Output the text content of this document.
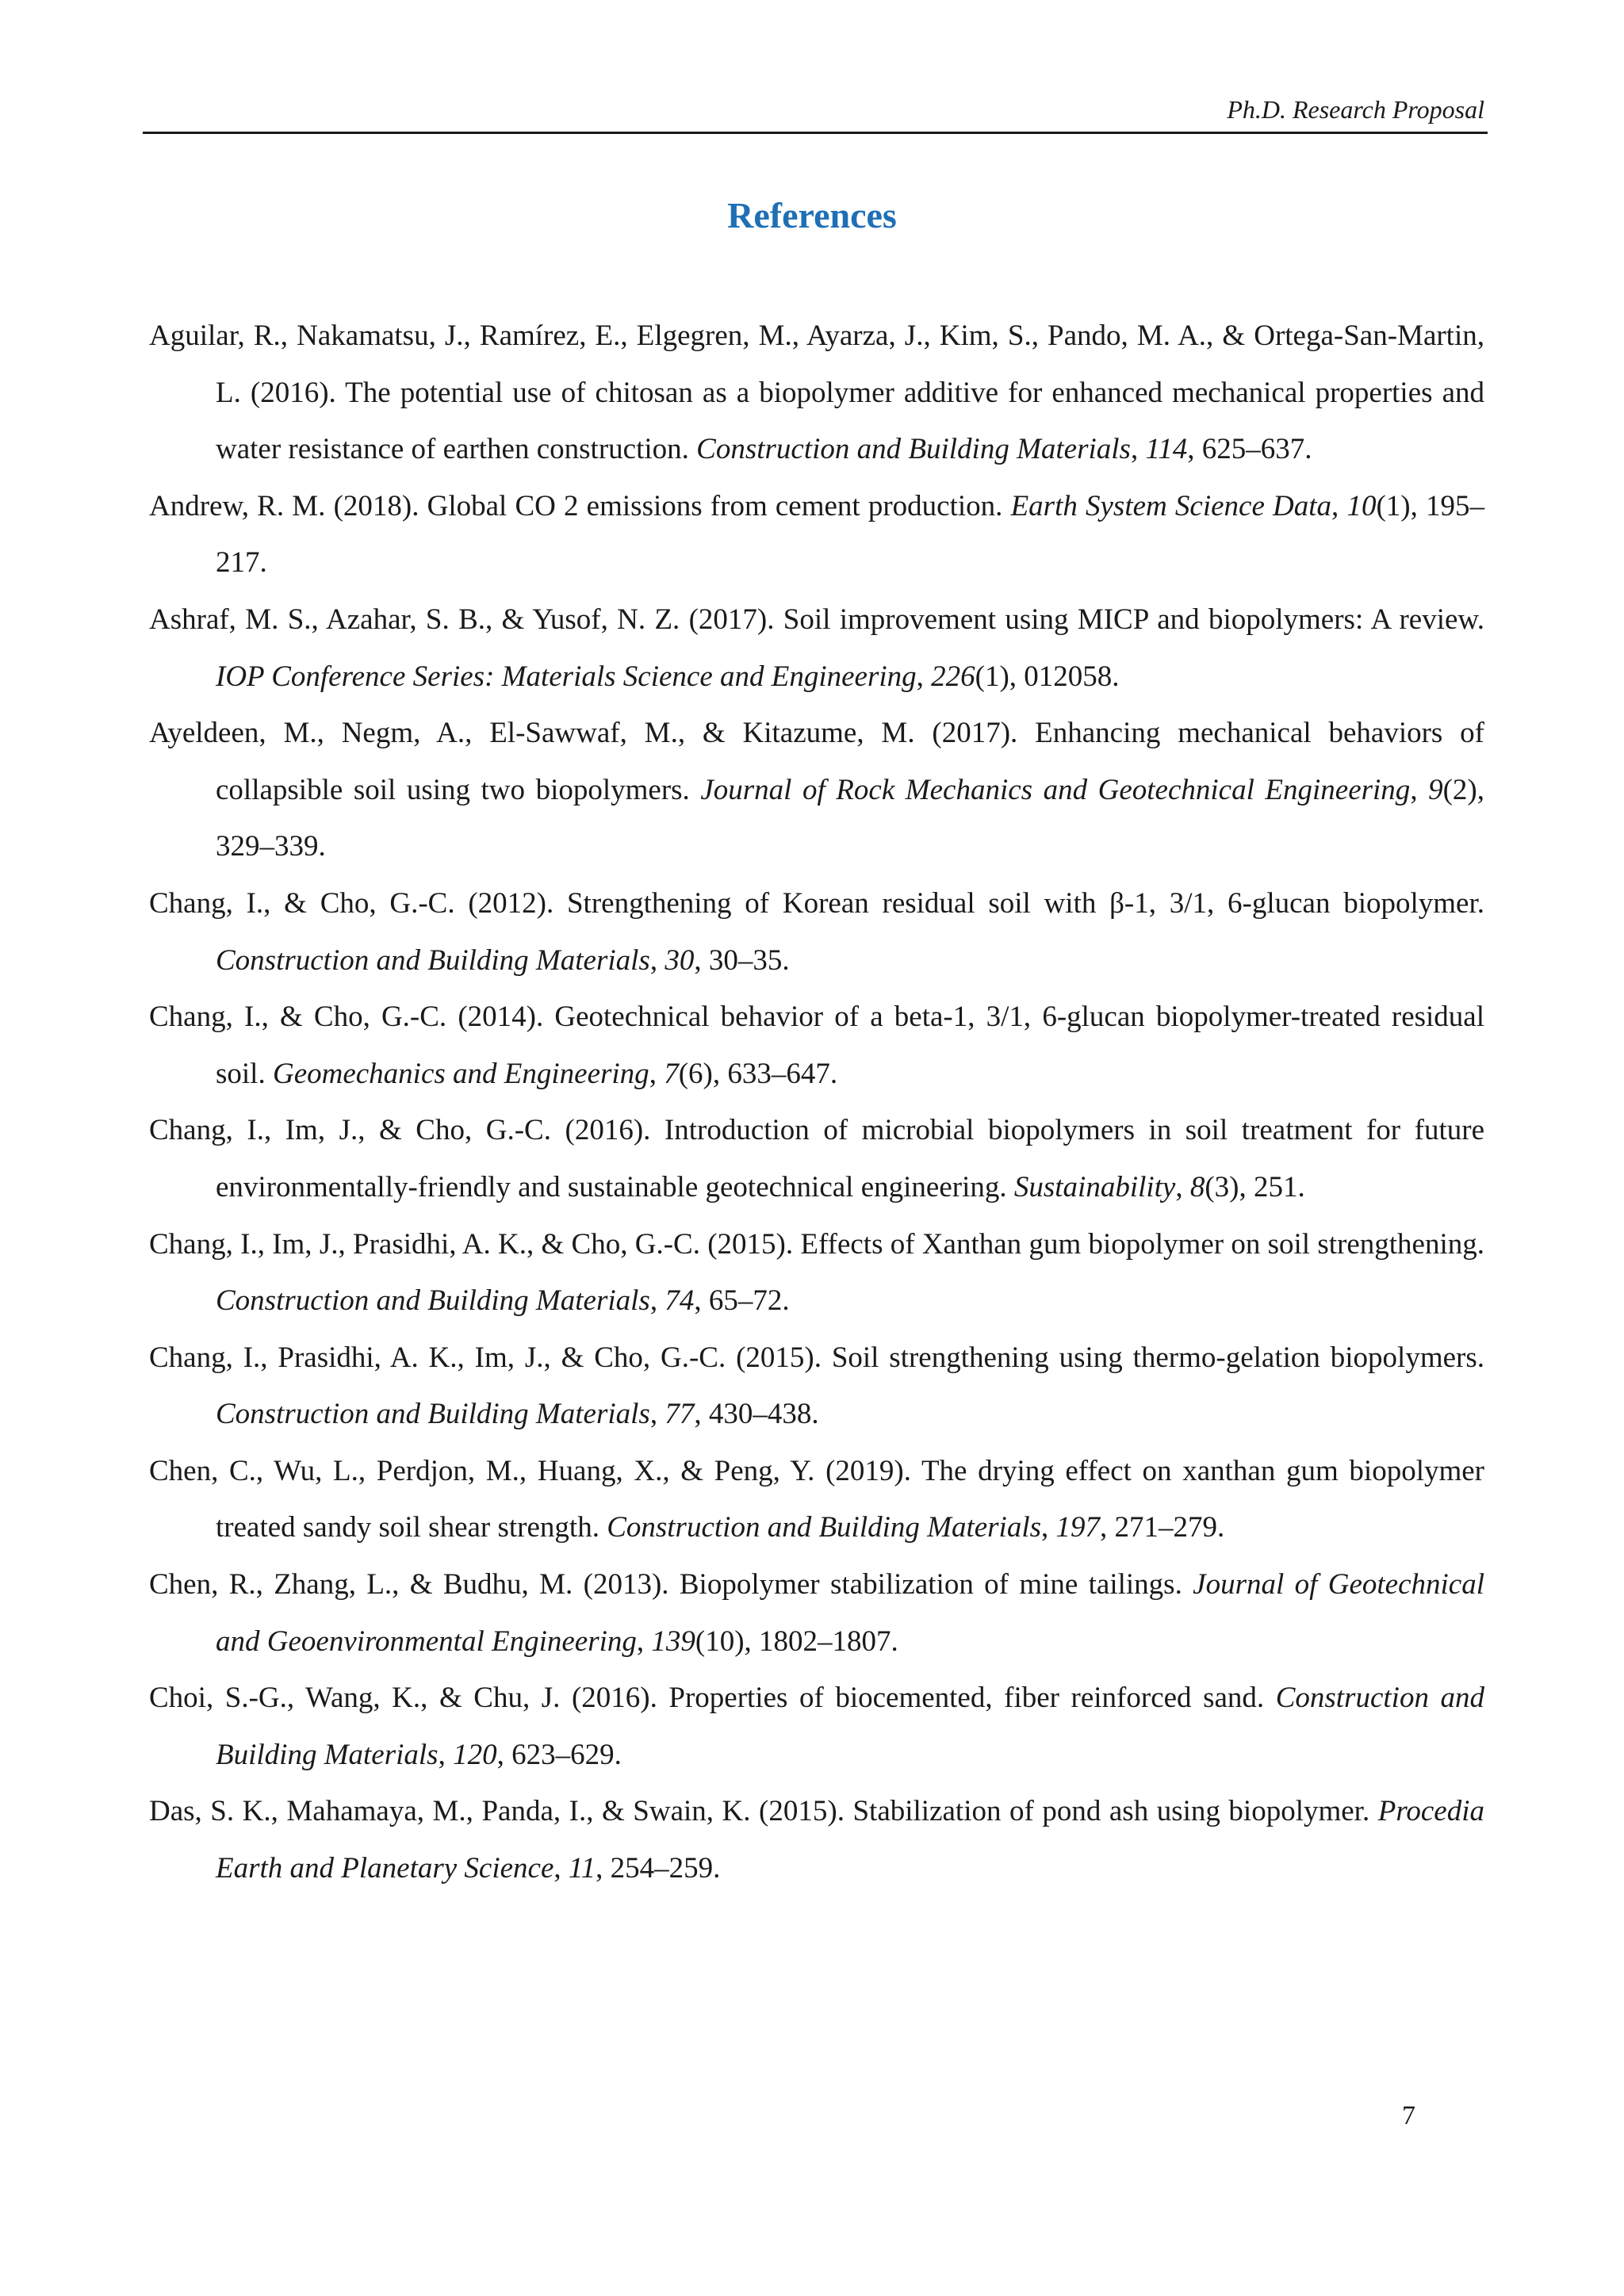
Ph.D. Research Proposal
References
Aguilar, R., Nakamatsu, J., Ramírez, E., Elgegren, M., Ayarza, J., Kim, S., Pando, M. A., & Ortega-San-Martin, L. (2016). The potential use of chitosan as a biopolymer additive for enhanced mechanical properties and water resistance of earthen construction. Construction and Building Materials, 114, 625–637.
Andrew, R. M. (2018). Global CO 2 emissions from cement production. Earth System Science Data, 10(1), 195–217.
Ashraf, M. S., Azahar, S. B., & Yusof, N. Z. (2017). Soil improvement using MICP and biopolymers: A review. IOP Conference Series: Materials Science and Engineering, 226(1), 012058.
Ayeldeen, M., Negm, A., El-Sawwaf, M., & Kitazume, M. (2017). Enhancing mechanical behaviors of collapsible soil using two biopolymers. Journal of Rock Mechanics and Geotechnical Engineering, 9(2), 329–339.
Chang, I., & Cho, G.-C. (2012). Strengthening of Korean residual soil with β-1, 3/1, 6-glucan biopolymer. Construction and Building Materials, 30, 30–35.
Chang, I., & Cho, G.-C. (2014). Geotechnical behavior of a beta-1, 3/1, 6-glucan biopolymer-treated residual soil. Geomechanics and Engineering, 7(6), 633–647.
Chang, I., Im, J., & Cho, G.-C. (2016). Introduction of microbial biopolymers in soil treatment for future environmentally-friendly and sustainable geotechnical engineering. Sustainability, 8(3), 251.
Chang, I., Im, J., Prasidhi, A. K., & Cho, G.-C. (2015). Effects of Xanthan gum biopolymer on soil strengthening. Construction and Building Materials, 74, 65–72.
Chang, I., Prasidhi, A. K., Im, J., & Cho, G.-C. (2015). Soil strengthening using thermo-gelation biopolymers. Construction and Building Materials, 77, 430–438.
Chen, C., Wu, L., Perdjon, M., Huang, X., & Peng, Y. (2019). The drying effect on xanthan gum biopolymer treated sandy soil shear strength. Construction and Building Materials, 197, 271–279.
Chen, R., Zhang, L., & Budhu, M. (2013). Biopolymer stabilization of mine tailings. Journal of Geotechnical and Geoenvironmental Engineering, 139(10), 1802–1807.
Choi, S.-G., Wang, K., & Chu, J. (2016). Properties of biocemented, fiber reinforced sand. Construction and Building Materials, 120, 623–629.
Das, S. K., Mahamaya, M., Panda, I., & Swain, K. (2015). Stabilization of pond ash using biopolymer. Procedia Earth and Planetary Science, 11, 254–259.
7
